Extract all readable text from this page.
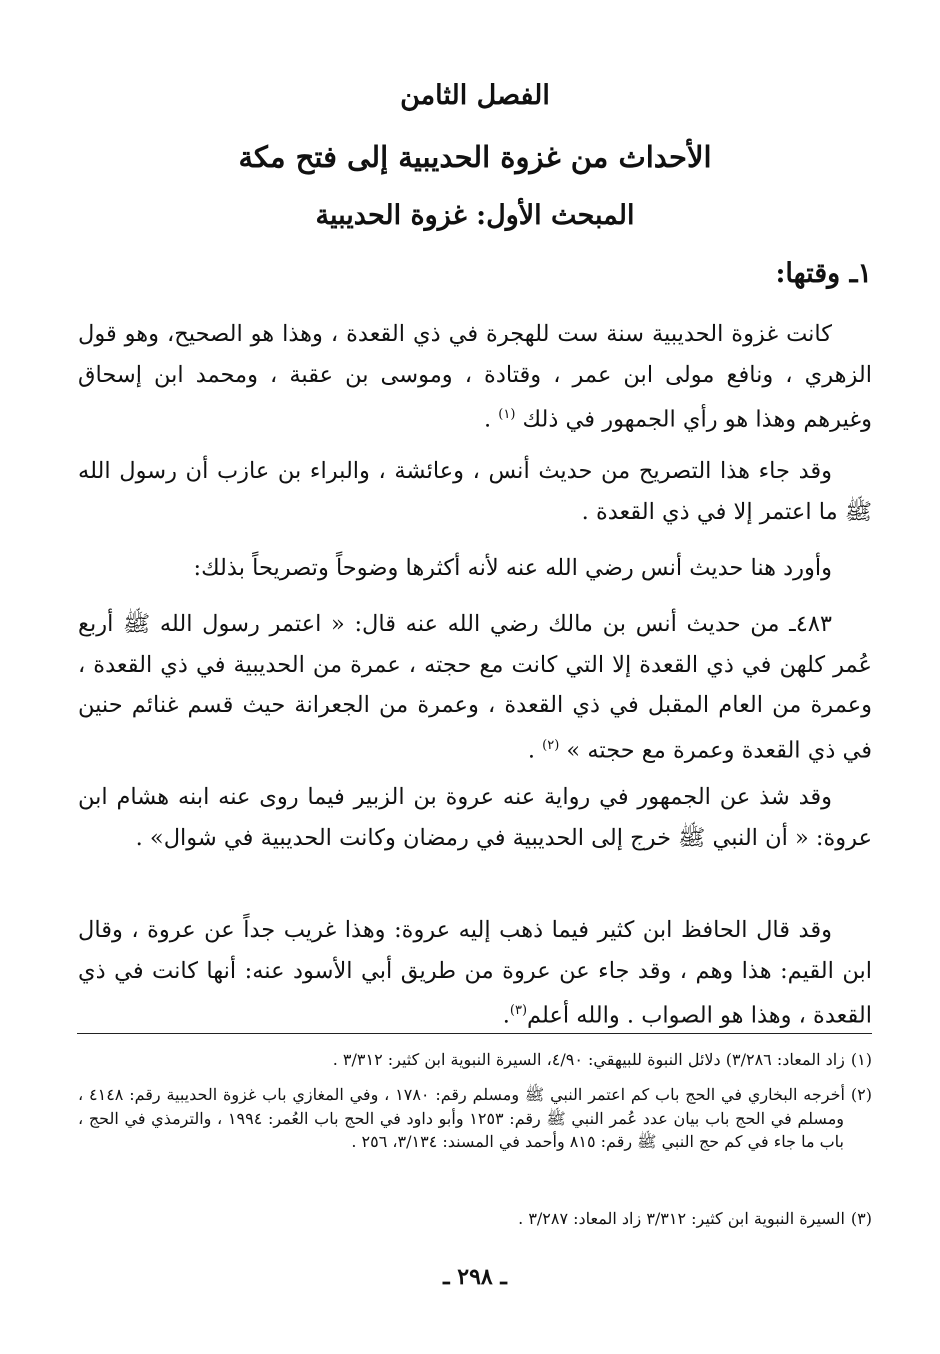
الفصل الثامن
الأحداث من غزوة الحديبية إلى فتح مكة
المبحث الأول: غزوة الحديبية
١ـ وقتها:

كانت غزوة الحديبية سنة ست للهجرة في ذي القعدة ، وهذا هو الصحيح، وهو قول الزهري ، ونافع مولى ابن عمر ، وقتادة ، وموسى بن عقبة ، ومحمد ابن إسحاق وغيرهم وهذا هو رأي الجمهور في ذلك $^{(١)}$ .

وقد جاء هذا التصريح من حديث أنس ، وعائشة ، والبراء بن عازب أن رسول الله ﷺ ما اعتمر إلا في ذي القعدة .

وأورد هنا حديث أنس رضي الله عنه لأنه أكثرها وضوحاً وتصريحاً بذلك:

٤٨٣ـ من حديث أنس بن مالك رضي الله عنه قال: « اعتمر رسول الله ﷺ أربع عُمر كلهن في ذي القعدة إلا التي كانت مع حجته ، عمرة من الحديبية في ذي القعدة ، وعمرة من العام المقبل في ذي القعدة ، وعمرة من الجعرانة حيث قسم غنائم حنين في ذي القعدة وعمرة مع حجته » $^{(٢)}$ .

وقد شذ عن الجمهور في رواية عنه عروة بن الزبير فيما روى عنه ابنه هشام ابن عروة: « أن النبي ﷺ خرج إلى الحديبية في رمضان وكانت الحديبية في شوال» .

وقد قال الحافظ ابن كثير فيما ذهب إليه عروة: وهذا غريب جداً عن عروة ، وقال ابن القيم: هذا وهم ، وقد جاء عن عروة من طريق أبي الأسود عنه: أنها كانت في ذي القعدة ، وهذا هو الصواب . والله أعلم$^{(٣)}$.

(١)زاد المعاد: ٣/٢٨٦) دلائل النبوة للبيهقي: ٤/٩٠، السيرة النبوية ابن كثير: ٣/٣١٢ .

(٢)أخرجه البخاري في الحج باب كم اعتمر النبي ﷺ ومسلم رقم: ١٧٨٠ ، وفي المغازي باب غزوة الحديبية رقم: ٤١٤٨ ، ومسلم في الحج باب بيان عدد عُمر النبي ﷺ رقم: ١٢٥٣ وأبو داود في الحج باب العُمر: ١٩٩٤ ، والترمذي في الحج ، باب ما جاء في كم حج النبي ﷺ رقم: ٨١٥ وأحمد في المسند: ٣/١٣٤، ٢٥٦ .

(٣)السيرة النبوية ابن كثير: ٣/٣١٢ زاد المعاد: ٣/٢٨٧ .

ـ ٢٩٨ ـ
